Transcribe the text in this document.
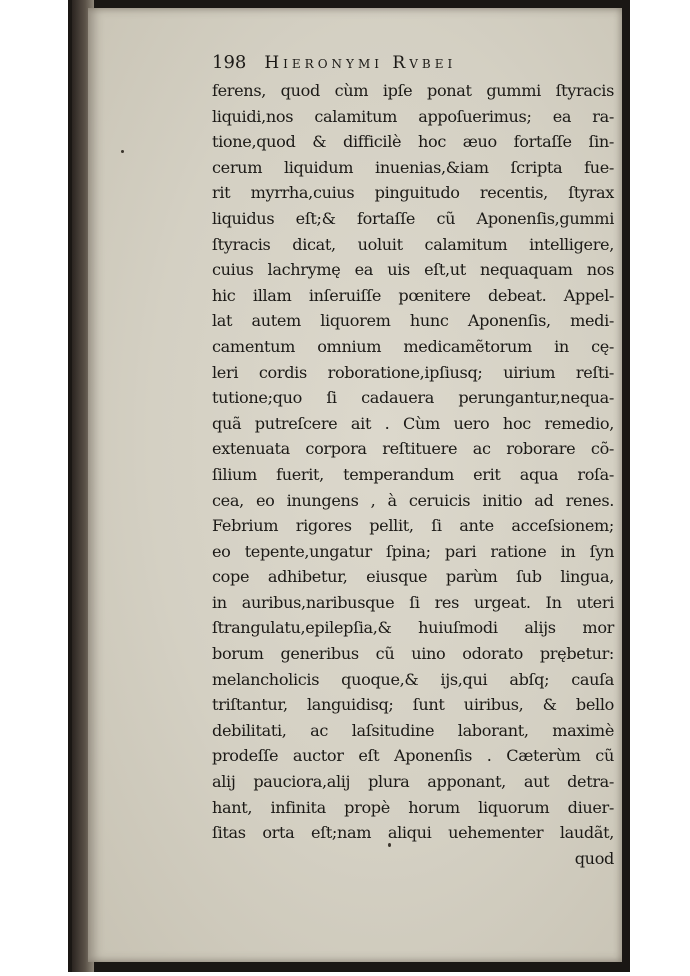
198 Hieronymi Rvbei
ferens, quod cùm ipſe ponat gummi ſtyracis
liquidi,nos calamitum appoſuerimus; ea ra-
tione,quod & difficilè hoc æuo fortaſſe ſin-
cerum liquidum inuenias,&iam ſcripta fue-
rit myrrha,cuius pinguitudo recentis, ſtyrax
liquidus eſt;& fortaſſe cũ Aponenſis,gummi
ſtyracis dicat, uoluit calamitum intelligere,
cuius lachrymę ea uis eſt,ut nequaquam nos
hic illam inſeruiſſe pœnitere debeat. Appel-
lat autem liquorem hunc Aponenſis, medi-
camentum omnium medicamẽtorum in cę-
leri cordis roboratione,ipſiusq; uirium reſti-
tutione;quo ſi cadauera perungantur,nequa-
quã putreſcere ait . Cùm uero hoc remedio,
extenuata corpora reſtituere ac roborare cõ-
ſilium fuerit, temperandum erit aqua roſa-
cea, eo inungens , à ceruicis initio ad renes.
Febrium rigores pellit, ſi ante acceſsionem;
eo tepente,ungatur ſpina; pari ratione in ſyn
cope adhibetur, eiusque parùm ſub lingua,
in auribus,naribusque ſi res urgeat. In uteri
ſtrangulatu,epilepſia,& huiuſmodi alijs mor
borum generibus cũ uino odorato prębetur:
melancholicis quoque,& ijs,qui abſq; cauſa
triſtantur, languidisq; ſunt uiribus, & bello
debilitati, ac laſsitudine laborant, maximè
prodeſſe auctor eſt Aponenſis . Cæterùm cũ
alij pauciora,alij plura apponant, aut detra-
hant, infinita propè horum liquorum diuer-
ſitas orta eſt;nam aliqui uehementer laudãt,
quod
